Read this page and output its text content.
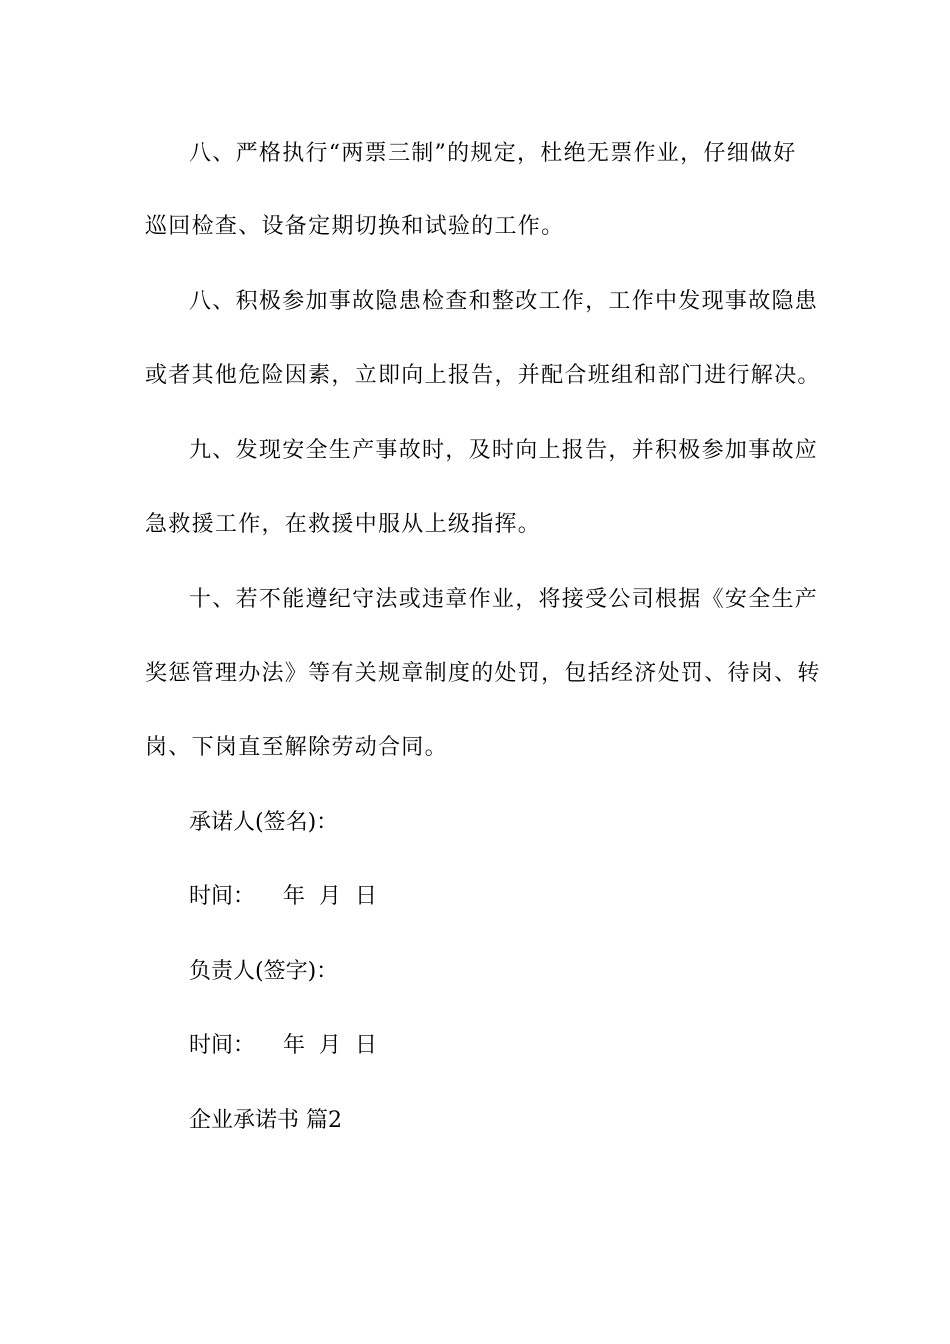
八、严格执行“两票三制”的规定，杜绝无票作业，仔细做好
巡回检查、设备定期切换和试验的工作。
八、积极参加事故隐患检查和整改工作，工作中发现事故隐患
或者其他危险因素，立即向上报告，并配合班组和部门进行解决。
九、发现安全生产事故时，及时向上报告，并积极参加事故应
急救援工作，在救援中服从上级指挥。
十、若不能遵纪守法或违章作业，将接受公司根据《安全生产
奖惩管理办法》等有关规章制度的处罚，包括经济处罚、待岗、转
岗、下岗直至解除劳动合同。
承诺人(签名)：
时间： 年 月 日
负责人(签字)：
时间： 年 月 日
企业承诺书 篇2
